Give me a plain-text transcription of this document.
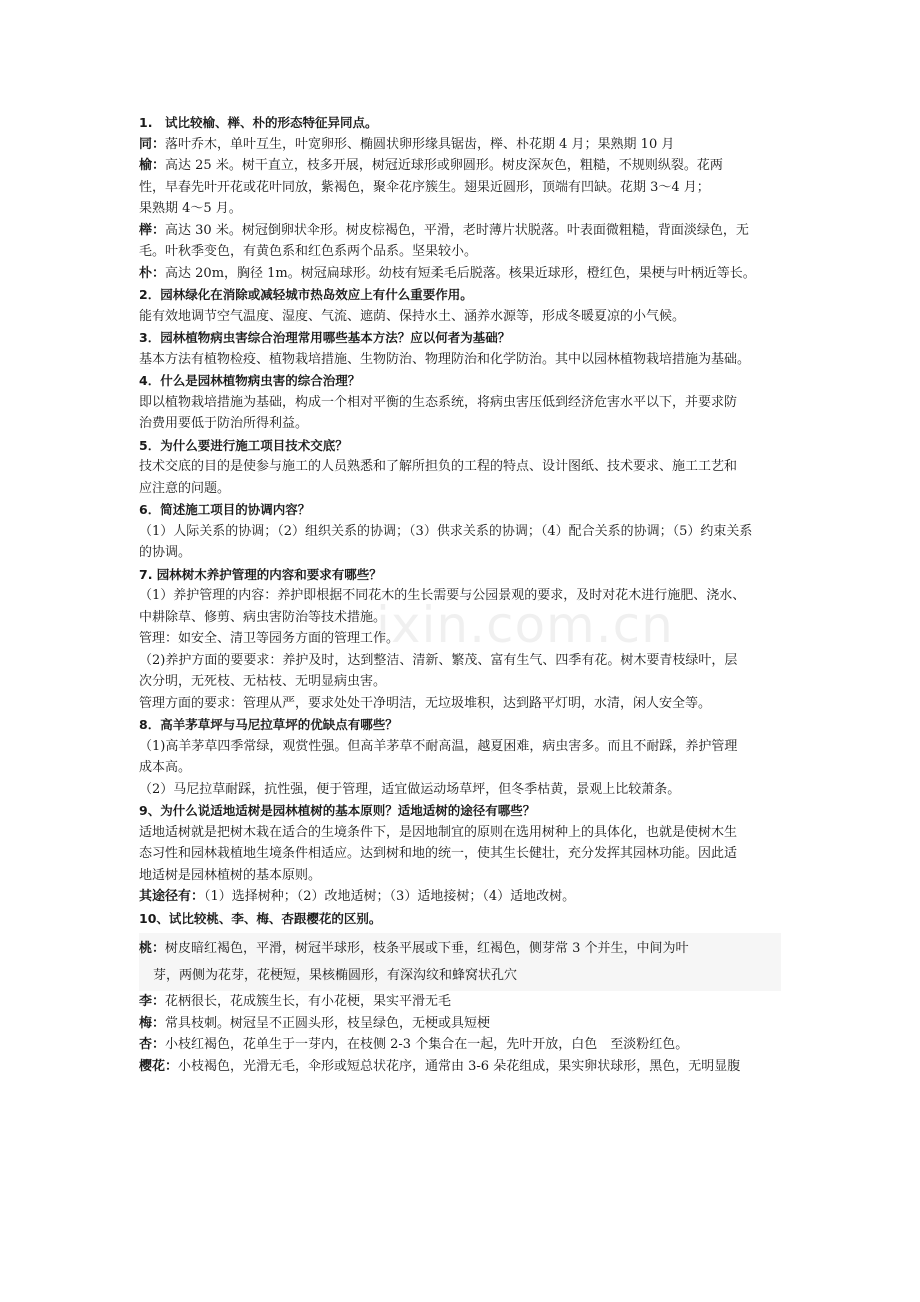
ixin.com.cn
1.　试比较榆、榉、朴的形态特征异同点。
同：落叶乔木，单叶互生，叶宽卵形、椭圆状卵形缘具锯齿，榉、朴花期 4 月；果熟期 10 月
榆：高达 25 米。树干直立，枝多开展，树冠近球形或卵圆形。树皮深灰色，粗糙，不规则纵裂。花两
性，早春先叶开花或花叶同放，紫褐色，聚伞花序簇生。翅果近圆形，顶端有凹缺。花期 3～4 月；
果熟期 4～5 月。
榉：高达 30 米。树冠倒卵状伞形。树皮棕褐色，平滑，老时薄片状脱落。叶表面微粗糙，背面淡绿色，无
毛。叶秋季变色，有黄色系和红色系两个品系。坚果较小。
朴：高达 20m，胸径 1m。树冠扁球形。幼枝有短柔毛后脱落。核果近球形，橙红色，果梗与叶柄近等长。
2．园林绿化在消除或减轻城市热岛效应上有什么重要作用。
能有效地调节空气温度、湿度、气流、遮荫、保持水土、涵养水源等，形成冬暖夏凉的小气候。
3．园林植物病虫害综合治理常用哪些基本方法？应以何者为基础？
基本方法有植物检疫、植物栽培措施、生物防治、物理防治和化学防治。其中以园林植物栽培措施为基础。
4．什么是园林植物病虫害的综合治理？
即以植物栽培措施为基础，构成一个相对平衡的生态系统，将病虫害压低到经济危害水平以下，并要求防
治费用要低于防治所得利益。
5．为什么要进行施工项目技术交底？
技术交底的目的是使参与施工的人员熟悉和了解所担负的工程的特点、设计图纸、技术要求、施工工艺和
应注意的问题。
6．简述施工项目的协调内容？
（1）人际关系的协调；（2）组织关系的协调；（3）供求关系的协调；（4）配合关系的协调；（5）约束关系
的协调。
7. 园林树木养护管理的内容和要求有哪些？
（1）养护管理的内容：养护即根据不同花木的生长需要与公园景观的要求，及时对花木进行施肥、浇水、
中耕除草、修剪、病虫害防治等技术措施。
管理：如安全、清卫等园务方面的管理工作。
（2)养护方面的要要求：养护及时，达到整洁、清新、繁茂、富有生气、四季有花。树木要青枝绿叶，层
次分明，无死枝、无枯枝、无明显病虫害。
管理方面的要求：管理从严，要求处处干净明洁，无垃圾堆积，达到路平灯明，水清，闲人安全等。
8．高羊茅草坪与马尼拉草坪的优缺点有哪些？
（1)高羊茅草四季常绿，观赏性强。但高羊茅草不耐高温，越夏困难，病虫害多。而且不耐踩，养护管理
成本高。
（2）马尼拉草耐踩，抗性强，便于管理，适宜做运动场草坪，但冬季枯黄，景观上比较萧条。
9、为什么说适地适树是园林植树的基本原则？适地适树的途径有哪些？
适地适树就是把树木栽在适合的生境条件下，是因地制宜的原则在选用树种上的具体化，也就是使树木生
态习性和园林栽植地生境条件相适应。达到树和地的统一，使其生长健壮，充分发挥其园林功能。因此适
地适树是园林植树的基本原则。
其途径有：（1）选择树种；（2）改地适树；（3）适地接树；（4）适地改树。
10、试比较桃、李、梅、杏跟樱花的区别。
桃：树皮暗红褐色，平滑，树冠半球形，枝条平展或下垂，红褐色，侧芽常 3 个并生，中间为叶
芽，两侧为花芽，花梗短，果核椭圆形，有深沟纹和蜂窝状孔穴
李：花柄很长，花成簇生长，有小花梗，果实平滑无毛
梅：常具枝刺。树冠呈不正圆头形，枝呈绿色，无梗或具短梗
杏：小枝红褐色，花单生于一芽内，在枝侧 2-3 个集合在一起，先叶开放，白色　至淡粉红色。
樱花：小枝褐色，光滑无毛，伞形或短总状花序，通常由 3-6 朵花组成，果实卵状球形，黑色，无明显腹
